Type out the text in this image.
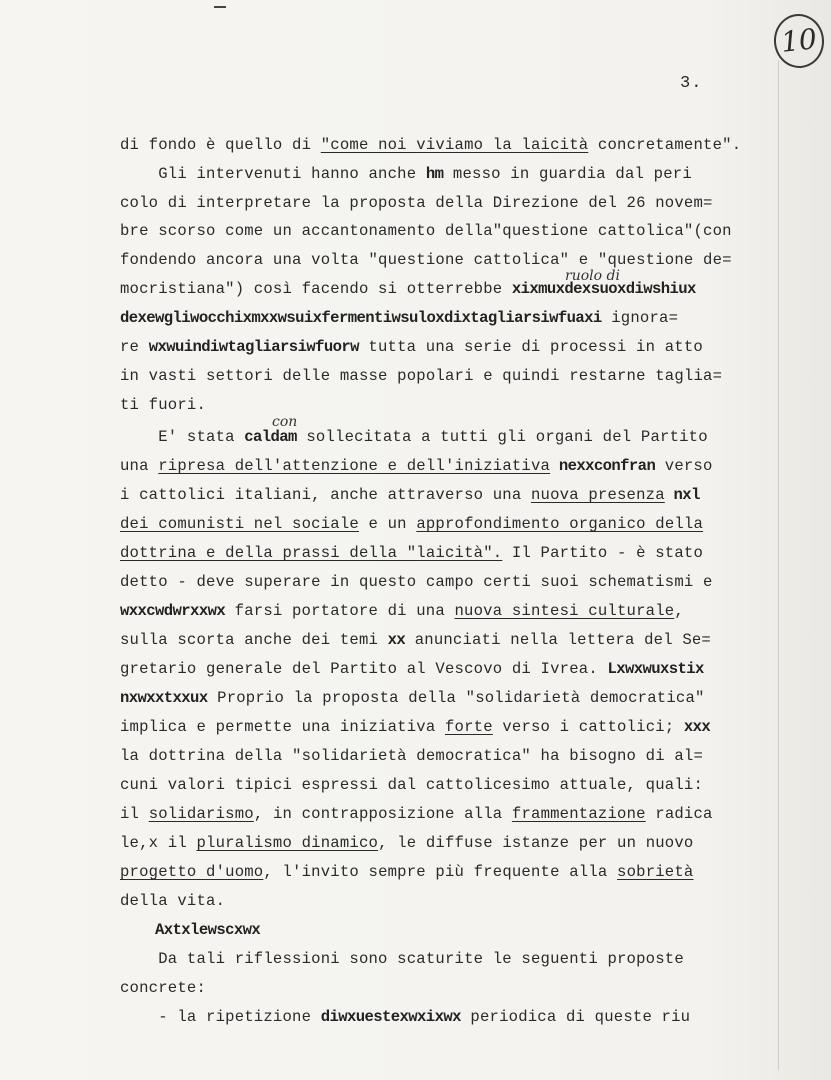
10
3.
ruolo di
con
di fondo è quello di "come noi viviamo la laicità concretamente".
Gli intervenuti hanno anche hm messo in guardia dal peri
colo di interpretare la proposta della Direzione del 26 novem=
bre scorso come un accantonamento della"questione cattolica"(con
fondendo ancora una volta "questione cattolica" e "questione de=
mocristiana") così facendo si otterrebbe xixmuxdexsuoxdiwshiux
dexewgliwocchixmxxwsuixfermentiwsuloxdixtagliarsiwfuaxi ignora=
re wxwuindiwtagliarsiwfuorw tutta una serie di processi in atto
in vasti settori delle masse popolari e quindi restarne taglia=
ti fuori.
E' stata caldam sollecitata a tutti gli organi del Partito
una ripresa dell'attenzione e dell'iniziativa nexxconfran verso
i cattolici italiani, anche attraverso una nuova presenza nxl
dei comunisti nel sociale e un approfondimento organico della
dottrina e della prassi della "laicità". Il Partito - è stato
detto - deve superare in questo campo certi suoi schematismi e
wxxcwdwrxxwx farsi portatore di una nuova sintesi culturale,
sulla scorta anche dei temi xx anunciati nella lettera del Se=
gretario generale del Partito al Vescovo di Ivrea. Lxwxwuxstix
nxwxxtxxux Proprio la proposta della "solidarietà democratica"
implica e permette una iniziativa forte verso i cattolici; xxx
la dottrina della "solidarietà democratica" ha bisogno di al=
cuni valori tipici espressi dal cattolicesimo attuale, quali:
il solidarismo, in contrapposizione alla frammentazione radica
le,x il pluralismo dinamico, le diffuse istanze per un nuovo
progetto d'uomo, l'invito sempre più frequente alla sobrietà
della vita.
Axtxlewscxwx
Da tali riflessioni sono scaturite le seguenti proposte
concrete:
- la ripetizione diwxuestexwxixwx periodica di queste riu
